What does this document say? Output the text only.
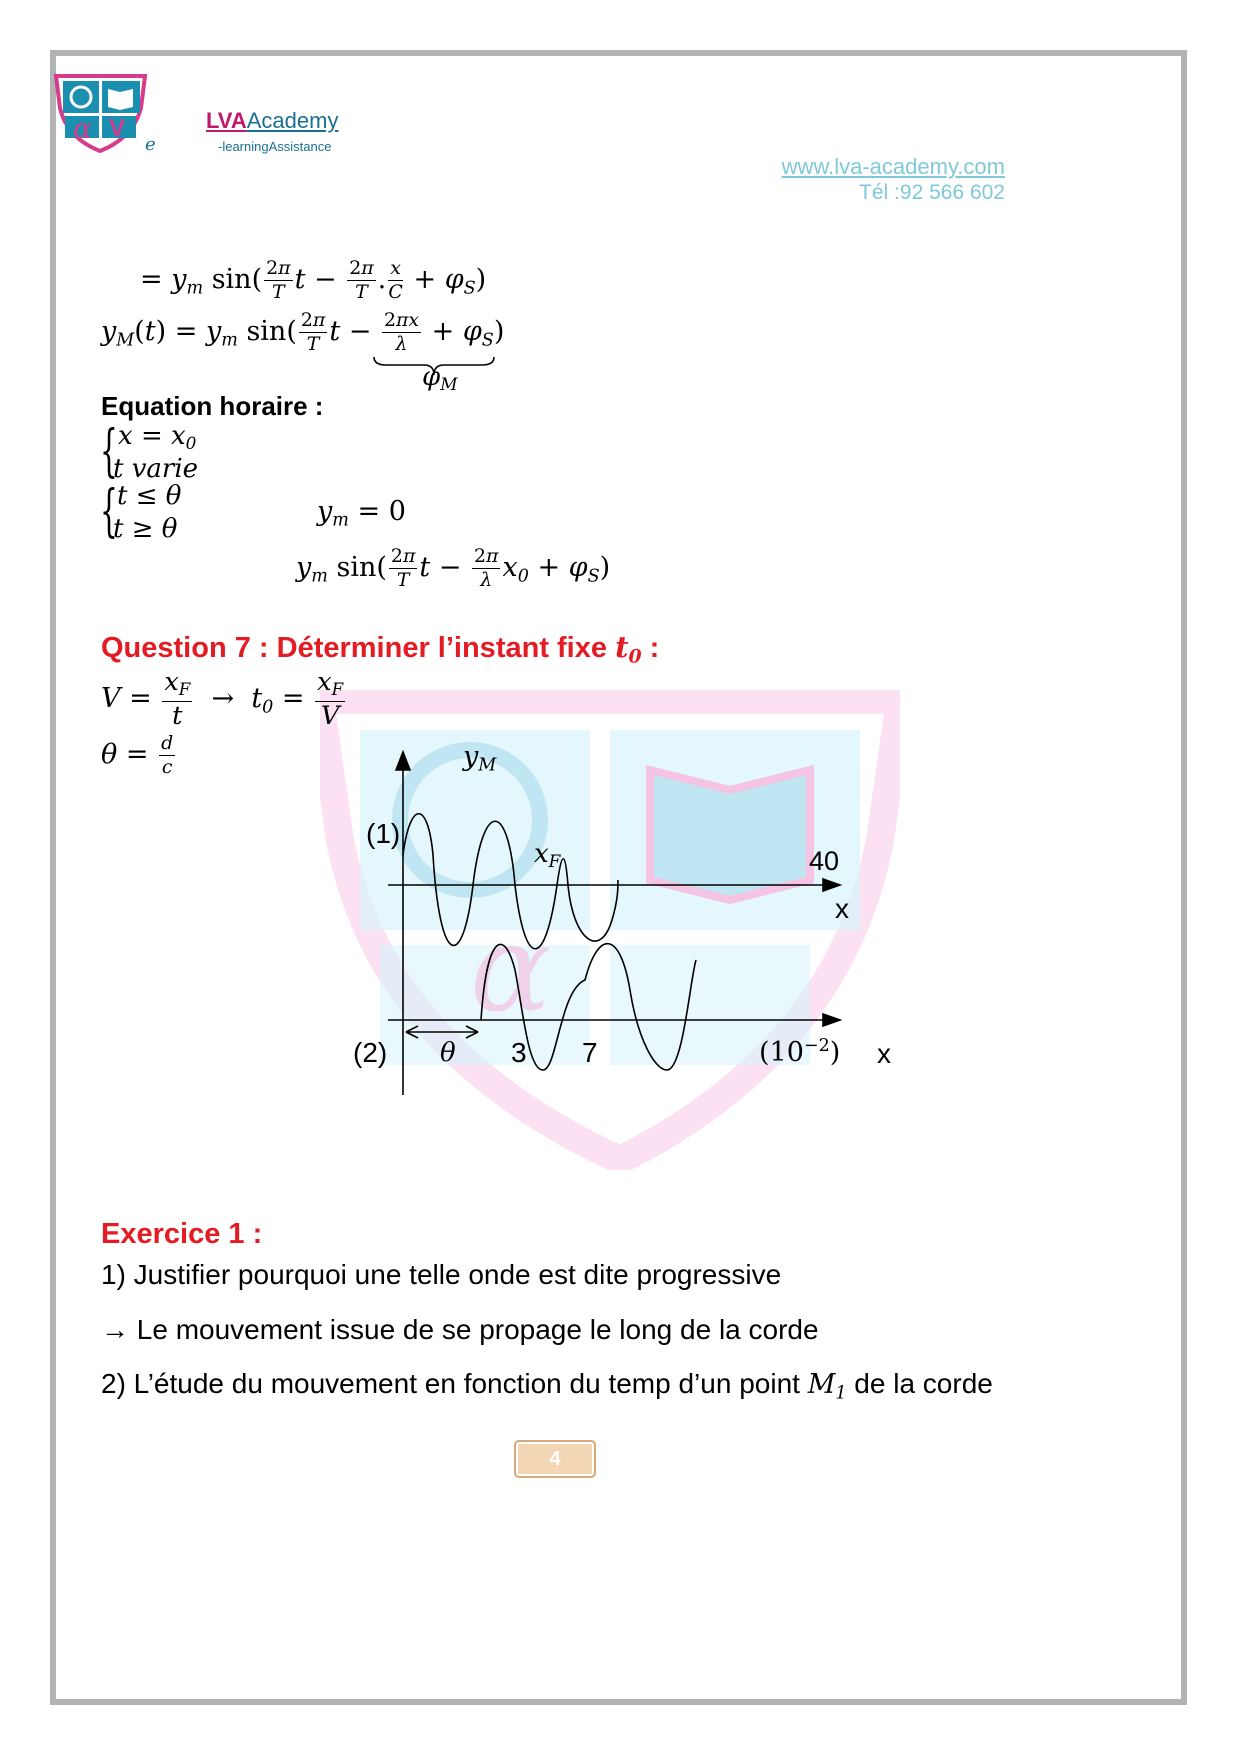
α
α V
e
LVAAcademy
-learningAssistance
www.lva-academy.com
Tél :92 566 602
= $y_m$ $\sin( \frac{2\pi}{T}$ $t - \frac{2\pi}{T}$ . $\frac{x}{C} + \varphi_S$)
$y_M(t) = y_m$ $\sin( \frac{2\pi}{T}$ $t - \frac{2\pi x}{\lambda} + \varphi_S$)
$\varphi_M$
Equation horaire :
{ $x = x_0$
t varie
{ t ≤ θ
t ≥ θ
$y_m = 0$
$y_m$ $\sin( \frac{2\pi}{T}$ $t - \frac{2\pi}{\lambda} x_0 + \varphi_S$)
Question 7 : Déterminer l’instant fixe $t_0$ :
$V = \frac{x_F}{t} \to t_0 = \frac{x_F}{V}$
$\theta = \frac{d}{c}$	$y_M$
(1)
$x_F$	40
x
(2) θ 3 7	$(10^{-2})$ x
Exercice 1 :
1) Justifier pourquoi une telle onde est dite progressive
→ Le mouvement issue de se propage le long de la corde
2) L’étude du mouvement en fonction du temp d’un point $M_1$ de la corde
4
